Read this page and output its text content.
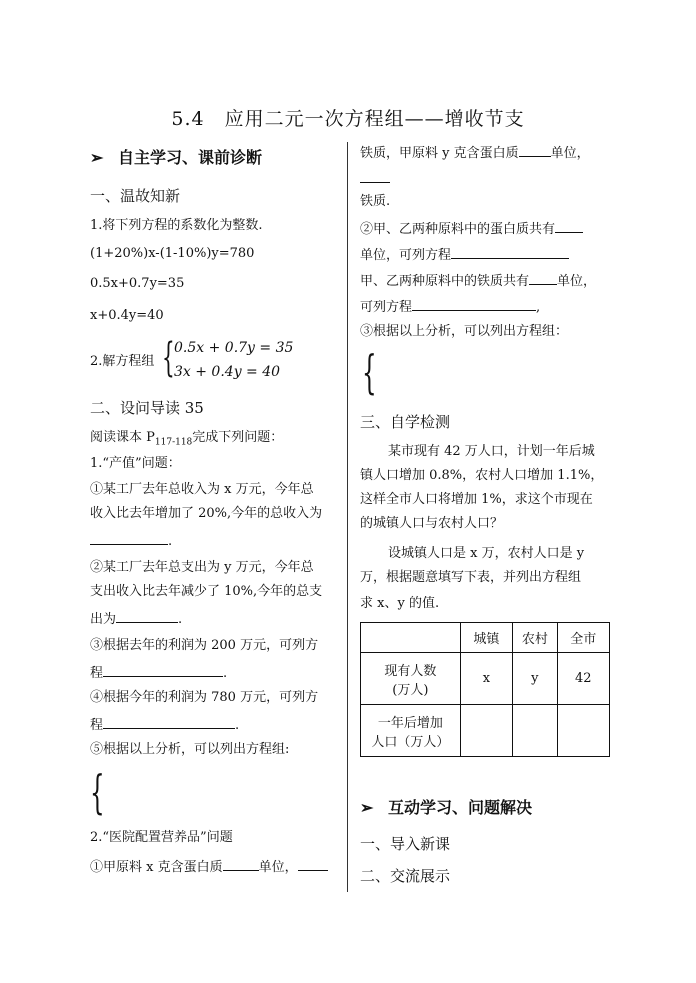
5.4　应用二元一次方程组——增收节支
➢ 自主学习、课前诊断
一、温故知新
1.将下列方程的系数化为整数.
(1+20%)x-(1-10%)y=780
0.5x+0.7y=35
x+0.4y=40
2.解方程组 { 0.5x + 0.7y = 35
3x + 0.4y = 40
二、设问导读 35
阅读课本 $P_{117-118}$完成下列问题：
1.“产值”问题：
①某工厂去年总收入为 x 万元，今年总
收入比去年增加了 20%,今年的总收入为
.
②某工厂去年总支出为 y 万元，今年总
支出收入比去年减少了 10%,今年的总支
出为	.
③根据去年的利润为 200 万元，可列方
程	.
④根据今年的利润为 780 万元，可列方
程	.
⑤根据以上分析，可以列出方程组:
{
2.“医院配置营养品”问题
①甲原料 x 克含蛋白质	单位，
铁质，甲原料 y 克含蛋白质 单位，
铁质.
②甲、乙两种原料中的蛋白质共有
单位，可列方程
甲、乙两种原料中的铁质共有 单位，
可列方程	,
③根据以上分析，可以列出方程组：
{
三、自学检测
某市现有 42 万人口，计划一年后城
镇人口增加 0.8%，农村人口增加 1.1%，
这样全市人口将增加 1%，求这个市现在
的城镇人口与农村人口？
设城镇人口是 x 万，农村人口是 y
万，根据题意填写下表，并列出方程组
求 x、y 的值.
	城镇	农村	全市

现有人数
(万人)	x	y	42

一年后增加
人口（万人）			

➢ 互动学习、问题解决
一、导入新课
二、交流展示
